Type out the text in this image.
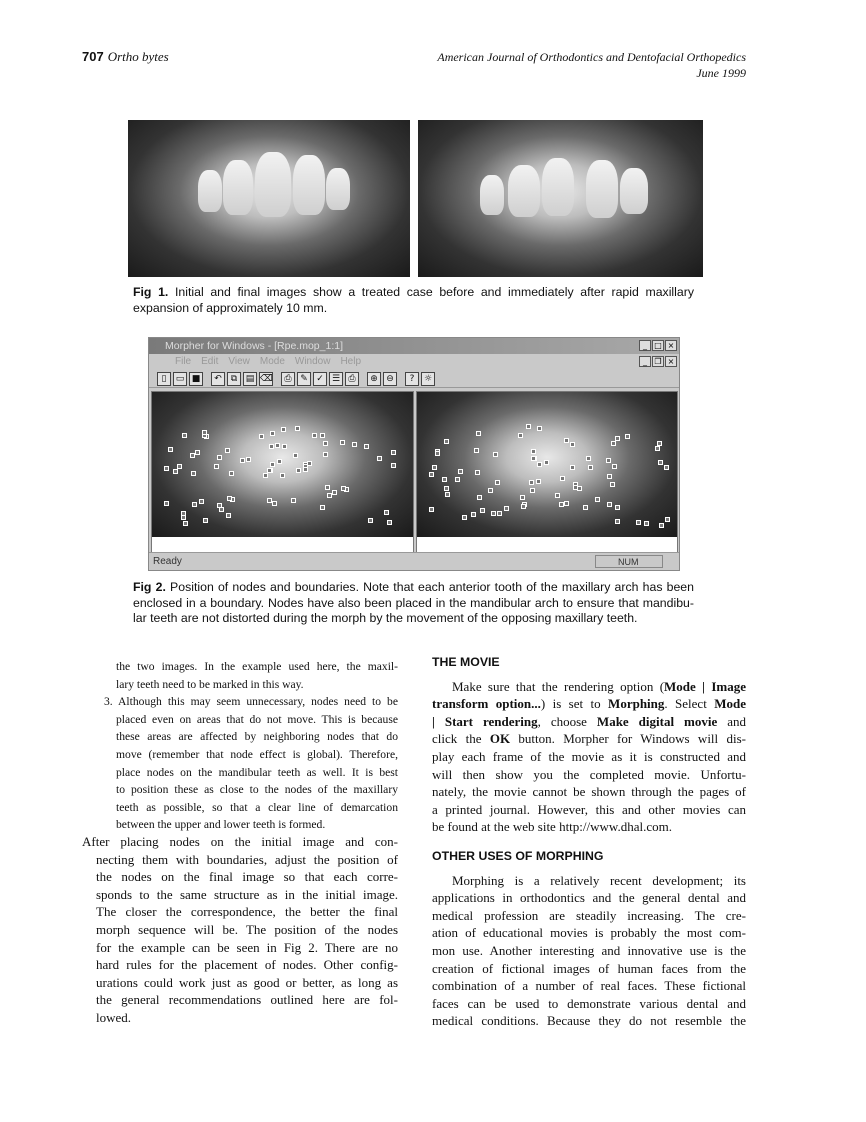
707 Ortho bytes	American Journal of Orthodontics and Dentofacial Orthopedics
June 1999
Fig 1. Initial and final images show a treated case before and immediately after rapid maxillary
expansion of approximately 10 mm.
Morpher for Windows - [Rpe.mop_1:1]	_ □ ×
File Edit View Mode Window Help	_ ❐ ×
▯	▭ ■	↶	⧉ ▤ ⌫	⎙ ✎ ✓ ☰ ⎙	⊕ ⊖	?	☼
Ready	NUM
Fig 2. Position of nodes and boundaries. Note that each anterior tooth of the maxillary arch has been
enclosed in a boundary. Nodes have also been placed in the mandibular arch to ensure that mandibu-
lar teeth are not distorted during the morph by the movement of the opposing maxillary teeth.
the two images. In the example used here, the maxil-
lary teeth need to be marked in this way.
3. Although this may seem unnecessary, nodes need to be
placed even on areas that do not move. This is because
these areas are affected by neighboring nodes that do
move (remember that node effect is global). Therefore,
place nodes on the mandibular teeth as well. It is best
to position these as close to the nodes of the maxillary
teeth as possible, so that a clear line of demarcation
between the upper and lower teeth is formed.
After placing nodes on the initial image and con-
necting them with boundaries, adjust the position of
the nodes on the final image so that each corre-
sponds to the same structure as in the initial image.
The closer the correspondence, the better the final
morph sequence will be. The position of the nodes
for the example can be seen in Fig 2. There are no
hard rules for the placement of nodes. Other config-
urations could work just as good or better, as long as
the general recommendations outlined here are fol-
lowed.
THE MOVIE
Make sure that the rendering option (Mode | Image
transform option...) is set to Morphing. Select Mode
| Start rendering, choose Make digital movie and
click the OK button. Morpher for Windows will dis-
play each frame of the movie as it is constructed and
will then show you the completed movie. Unfortu-
nately, the movie cannot be shown through the pages of
a printed journal. However, this and other movies can
be found at the web site http://www.dhal.com.
OTHER USES OF MORPHING
Morphing is a relatively recent development; its
applications in orthodontics and the general dental and
medical profession are steadily increasing. The cre-
ation of educational movies is probably the most com-
mon use. Another interesting and innovative use is the
creation of fictional images of human faces from the
combination of a number of real faces. These fictional
faces can be used to demonstrate various dental and
medical conditions. Because they do not resemble the
